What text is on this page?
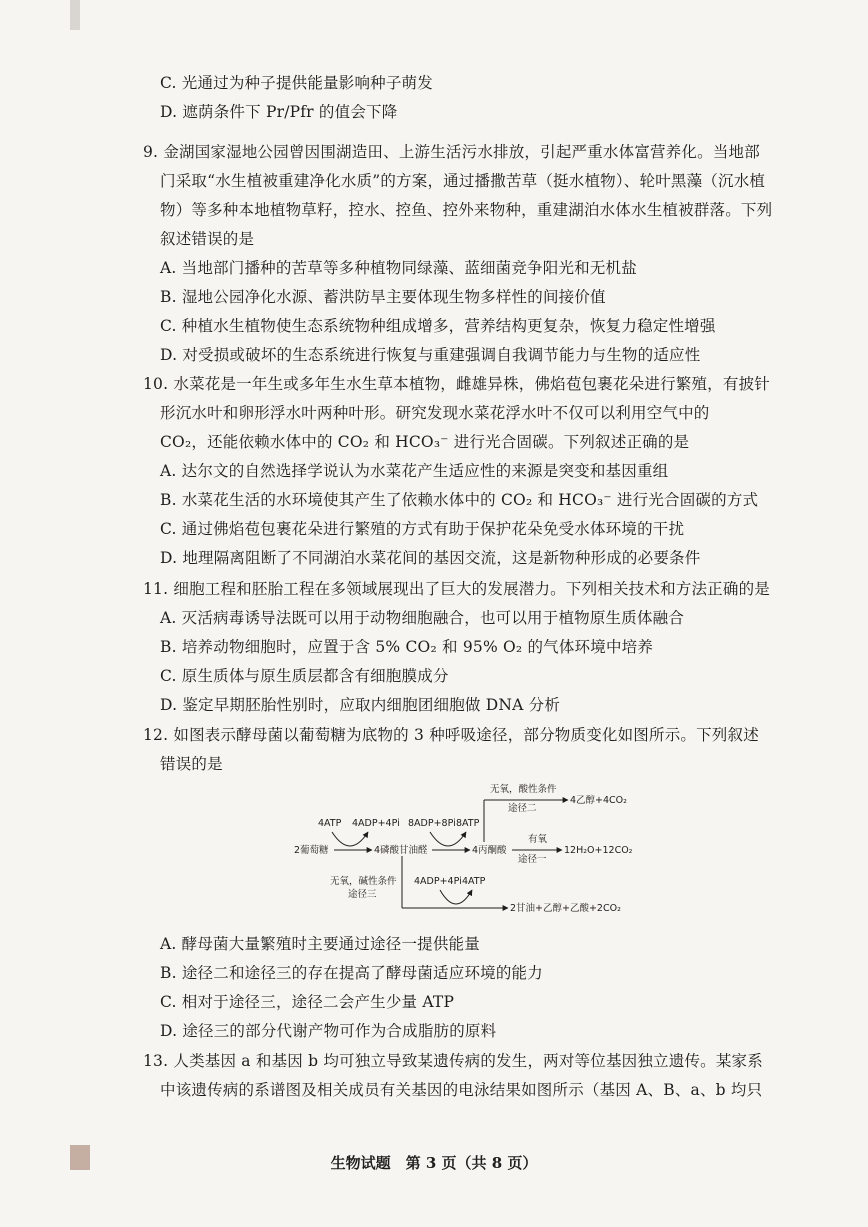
C. 光通过为种子提供能量影响种子萌发
D. 遮荫条件下 Pr/Pfr 的值会下降
9. 金湖国家湿地公园曾因围湖造田、上游生活污水排放，引起严重水体富营养化。当地部
门采取“水生植被重建净化水质”的方案，通过播撒苦草（挺水植物）、轮叶黑藻（沉水植
物）等多种本地植物草籽，控水、控鱼、控外来物种，重建湖泊水体水生植被群落。下列
叙述错误的是
A. 当地部门播种的苦草等多种植物同绿藻、蓝细菌竞争阳光和无机盐
B. 湿地公园净化水源、蓄洪防旱主要体现生物多样性的间接价值
C. 种植水生植物使生态系统物种组成增多，营养结构更复杂，恢复力稳定性增强
D. 对受损或破坏的生态系统进行恢复与重建强调自我调节能力与生物的适应性
10. 水菜花是一年生或多年生水生草本植物，雌雄异株，佛焰苞包裹花朵进行繁殖，有披针
形沉水叶和卵形浮水叶两种叶形。研究发现水菜花浮水叶不仅可以利用空气中的
CO₂，还能依赖水体中的 CO₂ 和 HCO₃⁻ 进行光合固碳。下列叙述正确的是
A. 达尔文的自然选择学说认为水菜花产生适应性的来源是突变和基因重组
B. 水菜花生活的水环境使其产生了依赖水体中的 CO₂ 和 HCO₃⁻ 进行光合固碳的方式
C. 通过佛焰苞包裹花朵进行繁殖的方式有助于保护花朵免受水体环境的干扰
D. 地理隔离阻断了不同湖泊水菜花间的基因交流，这是新物种形成的必要条件
11. 细胞工程和胚胎工程在多领域展现出了巨大的发展潜力。下列相关技术和方法正确的是
A. 灭活病毒诱导法既可以用于动物细胞融合，也可以用于植物原生质体融合
B. 培养动物细胞时，应置于含 5% CO₂ 和 95% O₂ 的气体环境中培养
C. 原生质体与原生质层都含有细胞膜成分
D. 鉴定早期胚胎性别时，应取内细胞团细胞做 DNA 分析
12. 如图表示酵母菌以葡萄糖为底物的 3 种呼吸途径，部分物质变化如图所示。下列叙述
错误的是
2葡萄糖	4磷酸甘油醛	4丙酮酸
4ATP 4ADP+4Pi 8ADP+8Pi 8ATP
无氧，酸性条件
途径二
4乙醇+4CO₂
有氧
途径一
12H₂O+12CO₂
无氧，碱性条件
途径三
4ADP+4Pi 4ATP
2甘油+乙醇+乙酸+2CO₂
A. 酵母菌大量繁殖时主要通过途径一提供能量
B. 途径二和途径三的存在提高了酵母菌适应环境的能力
C. 相对于途径三，途径二会产生少量 ATP
D. 途径三的部分代谢产物可作为合成脂肪的原料
13. 人类基因 a 和基因 b 均可独立导致某遗传病的发生，两对等位基因独立遗传。某家系
中该遗传病的系谱图及相关成员有关基因的电泳结果如图所示（基因 A、B、a、b 均只
生物试题　第 3 页（共 8 页）
